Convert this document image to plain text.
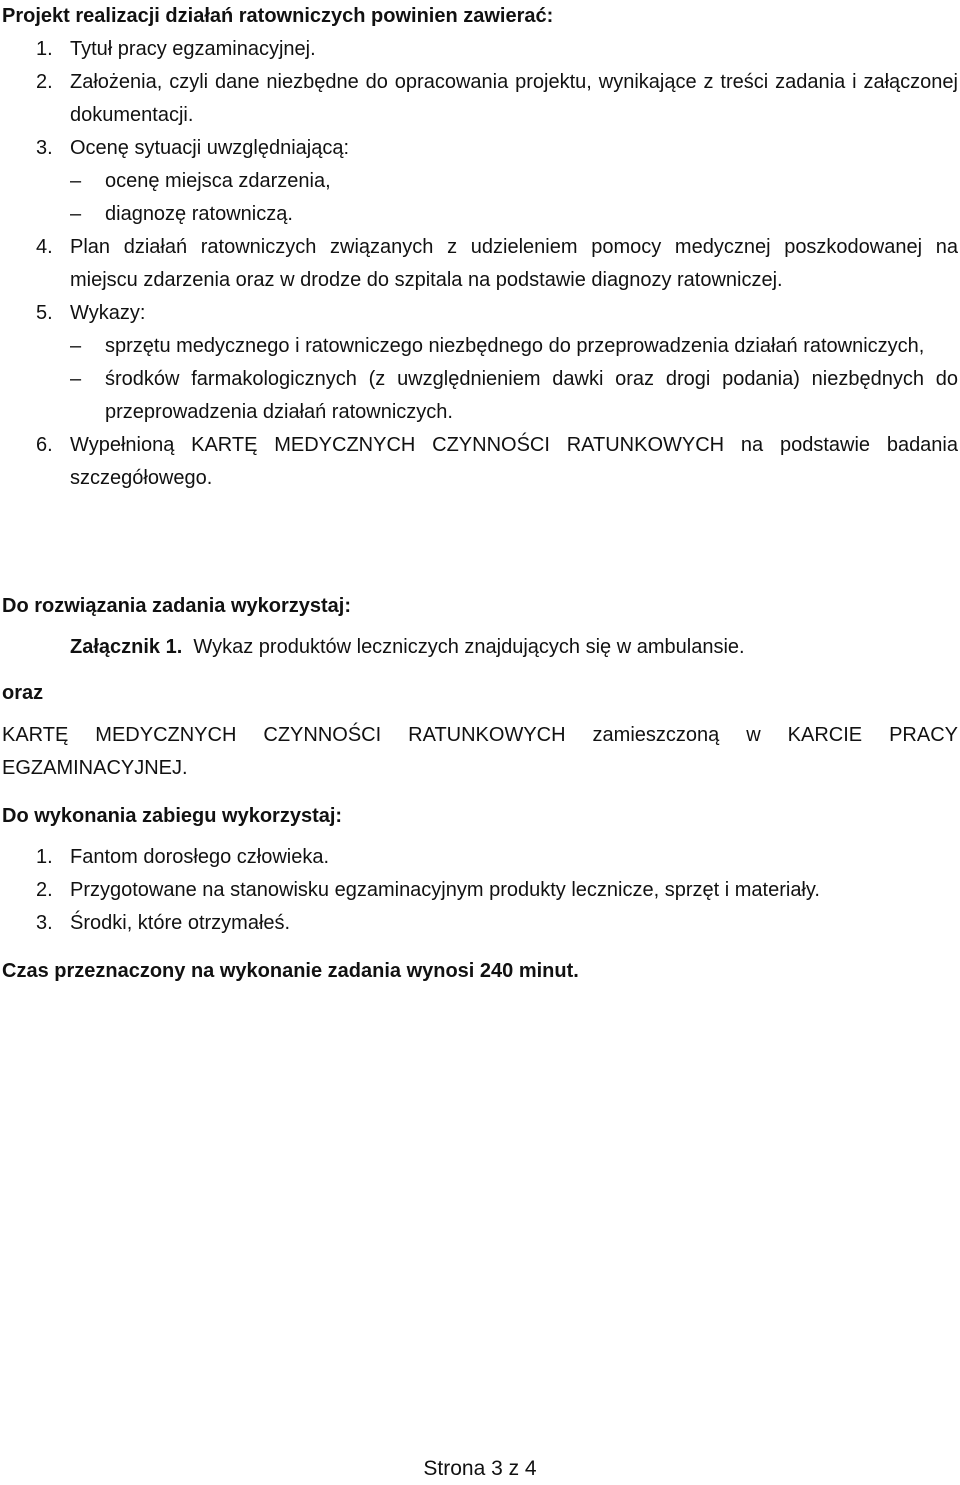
Projekt realizacji działań ratowniczych powinien zawierać:

1. Tytuł pracy egzaminacyjnej.
2. Założenia, czyli dane niezbędne do opracowania projektu, wynikające z treści zadania i załączonej dokumentacji.
3. Ocenę sytuacji uwzględniającą:
– ocenę miejsca zdarzenia,
– diagnozę ratowniczą.
4. Plan działań ratowniczych związanych z udzieleniem pomocy medycznej poszkodowanej na miejscu zdarzenia oraz w drodze do szpitala na podstawie diagnozy ratowniczej.
5. Wykazy:
– sprzętu medycznego i ratowniczego niezbędnego do przeprowadzenia działań ratowniczych,
– środków farmakologicznych (z uwzględnieniem dawki oraz drogi podania) niezbędnych do przeprowadzenia działań ratowniczych.
6. Wypełnioną KARTĘ MEDYCZNYCH CZYNNOŚCI RATUNKOWYCH na podstawie badania szczegółowego.

Do rozwiązania zadania wykorzystaj:

Załącznik 1. Wykaz produktów leczniczych znajdujących się w ambulansie.

oraz

KARTĘ MEDYCZNYCH CZYNNOŚCI RATUNKOWYCH zamieszczoną w KARCIE PRACY EGZAMINACYJNEJ.

Do wykonania zabiegu wykorzystaj:

1. Fantom dorosłego człowieka.
2. Przygotowane na stanowisku egzaminacyjnym produkty lecznicze, sprzęt i materiały.
3. Środki, które otrzymałeś.

Czas przeznaczony na wykonanie zadania wynosi 240 minut.

Strona 3 z 4
